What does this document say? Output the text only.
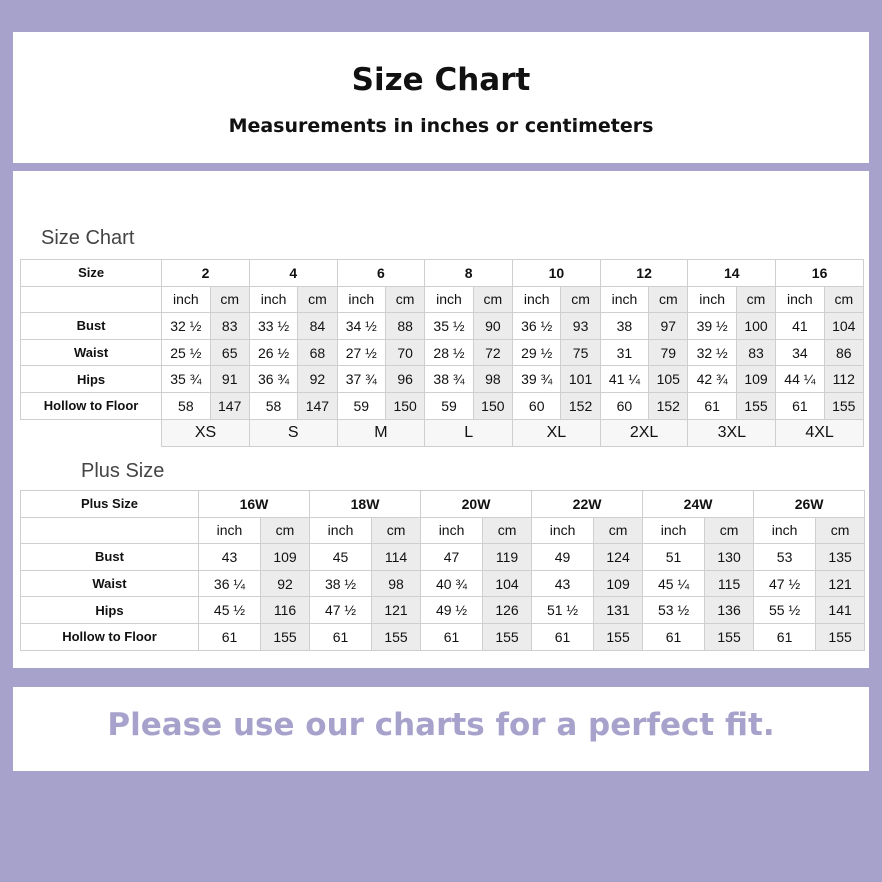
Size Chart
Measurements in inches or centimeters
Size Chart
Size	2		4		6		8		10		12		14		16	
	inch	cm	inch	cm	inch	cm	inch	cm	inch	cm	inch	cm	inch	cm	inch	cm
Bust	32 ½	83	33 ½	84	34 ½	88	35 ½	90	36 ½	93	38	97	39 ½	100	41	104
Waist	25 ½	65	26 ½	68	27 ½	70	28 ½	72	29 ½	75	31	79	32 ½	83	34	86
Hips	35 ¾	91	36 ¾	92	37 ¾	96	38 ¾	98	39 ¾	101	41 ¼	105	42 ¾	109	44 ¼	112
Hollow to Floor	58	147	58	147	59	150	59	150	60	152	60	152	61	155	61	155
	XS		S		M		L		XL		2XL		3XL		4XL	
Plus Size
Plus Size	16W		18W		20W		22W		24W		26W	
	inch	cm	inch	cm	inch	cm	inch	cm	inch	cm	inch	cm
Bust	43	109	45	114	47	119	49	124	51	130	53	135
Waist	36 ¼	92	38 ½	98	40 ¾	104	43	109	45 ¼	115	47 ½	121
Hips	45 ½	116	47 ½	121	49 ½	126	51 ½	131	53 ½	136	55 ½	141
Hollow to Floor	61	155	61	155	61	155	61	155	61	155	61	155
Please use our charts for a perfect fit.
